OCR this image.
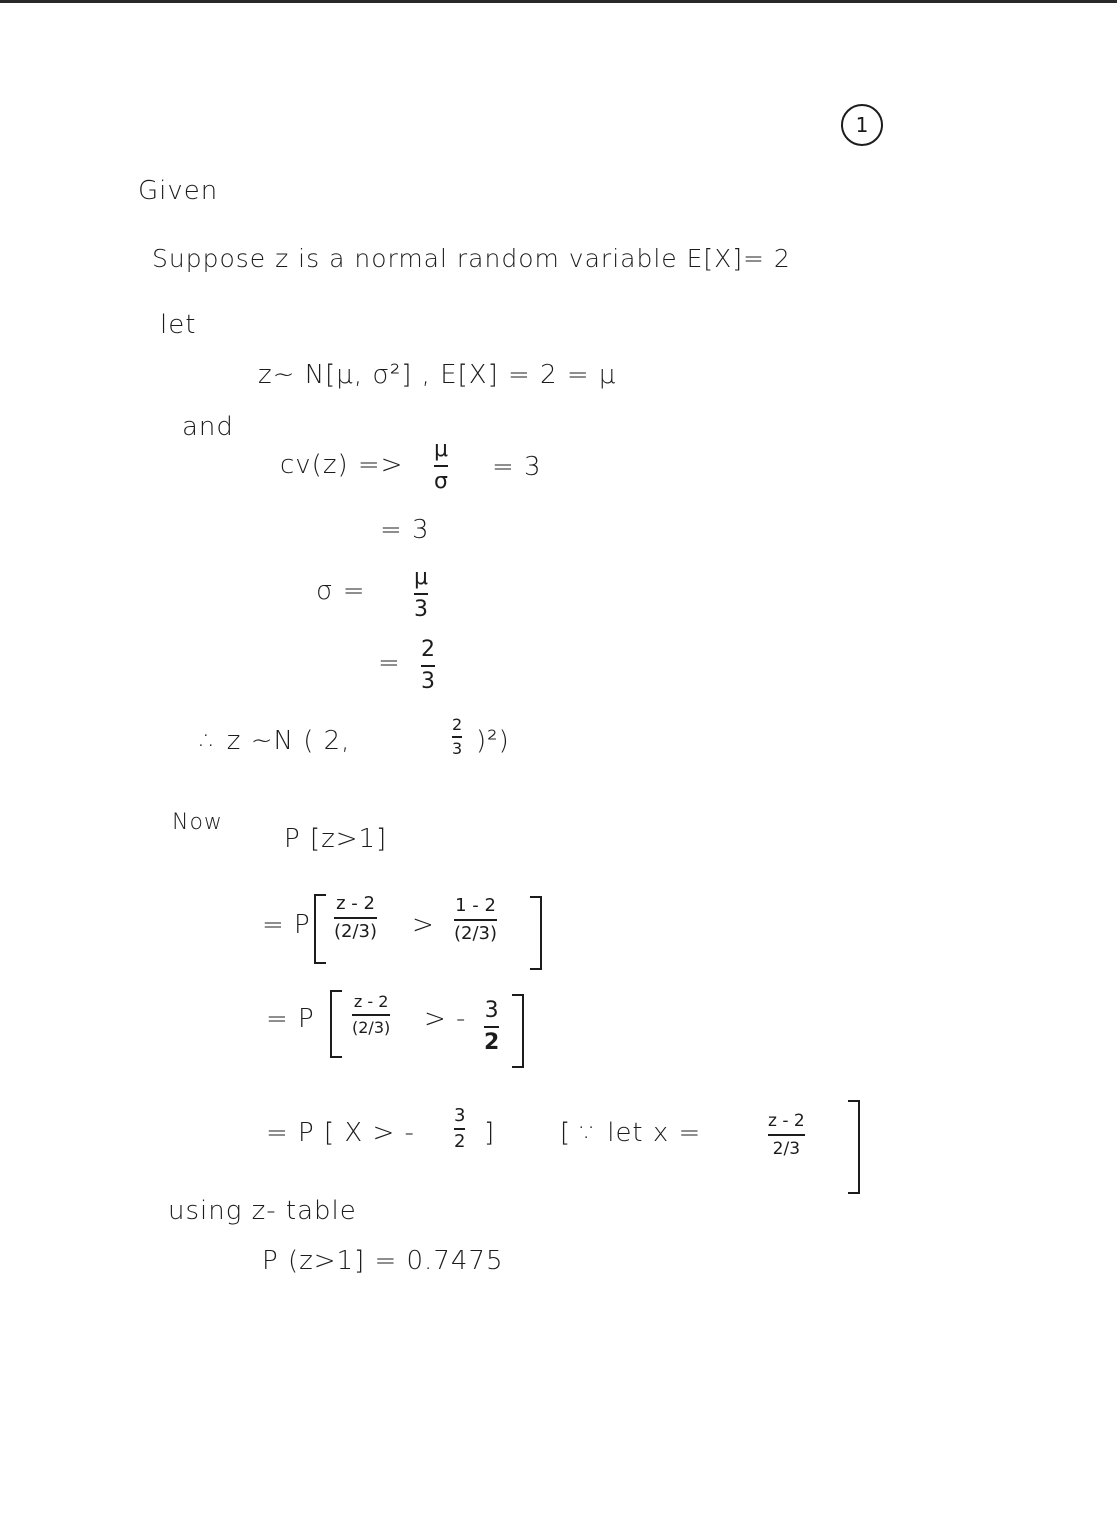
1
Given
Suppose z is a normal random variable E[X]= 2
let
z~ N[μ, σ²] , E[X] = 2 = μ
and
cv(z) =>
μ
σ = 3
= 3
σ = μ
3
= 2
3
∴ z ~N ( 2,
2
3 )²)
Now
P [z>1]
= P
z - 2
(2/3) >
1 - 2
(2/3)
= P
z - 2
(2/3) > - 3
2
= P [ X > -
3
2 ] [ ∵ let x =	z - 2
2/3
using z- table
P (z>1] = 0.7475
